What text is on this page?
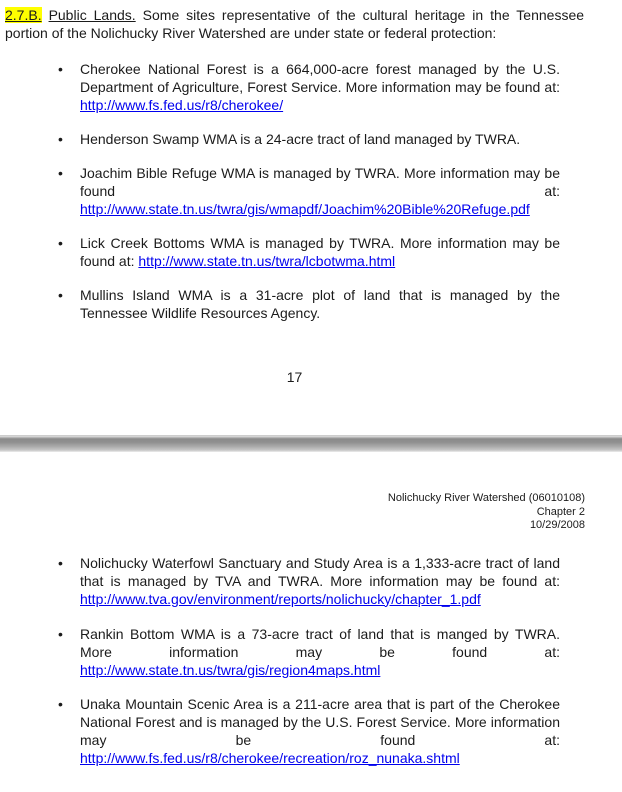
2.7.B. Public Lands. Some sites representative of the cultural heritage in the Tennessee portion of the Nolichucky River Watershed are under state or federal protection:

• Cherokee National Forest is a 664,000-acre forest managed by the U.S. Department of Agriculture, Forest Service. More information may be found at: http://www.fs.fed.us/r8/cherokee/
• Henderson Swamp WMA is a 24-acre tract of land managed by TWRA.
• Joachim Bible Refuge WMA is managed by TWRA. More information may be found at: http://www.state.tn.us/twra/gis/wmapdf/Joachim%20Bible%20Refuge.pdf
• Lick Creek Bottoms WMA is managed by TWRA. More information may be found at: http://www.state.tn.us/twra/lcbotwma.html
• Mullins Island WMA is a 31-acre plot of land that is managed by the Tennessee Wildlife Resources Agency.
17
Nolichucky River Watershed (06010108)
Chapter 2
10/29/2008
• Nolichucky Waterfowl Sanctuary and Study Area is a 1,333-acre tract of land that is managed by TVA and TWRA. More information may be found at: http://www.tva.gov/environment/reports/nolichucky/chapter_1.pdf
• Rankin Bottom WMA is a 73-acre tract of land that is manged by TWRA. More information may be found at: http://www.state.tn.us/twra/gis/region4maps.html
• Unaka Mountain Scenic Area is a 211-acre area that is part of the Cherokee National Forest and is managed by the U.S. Forest Service. More information may be found at: http://www.fs.fed.us/r8/cherokee/recreation/roz_nunaka.shtml
